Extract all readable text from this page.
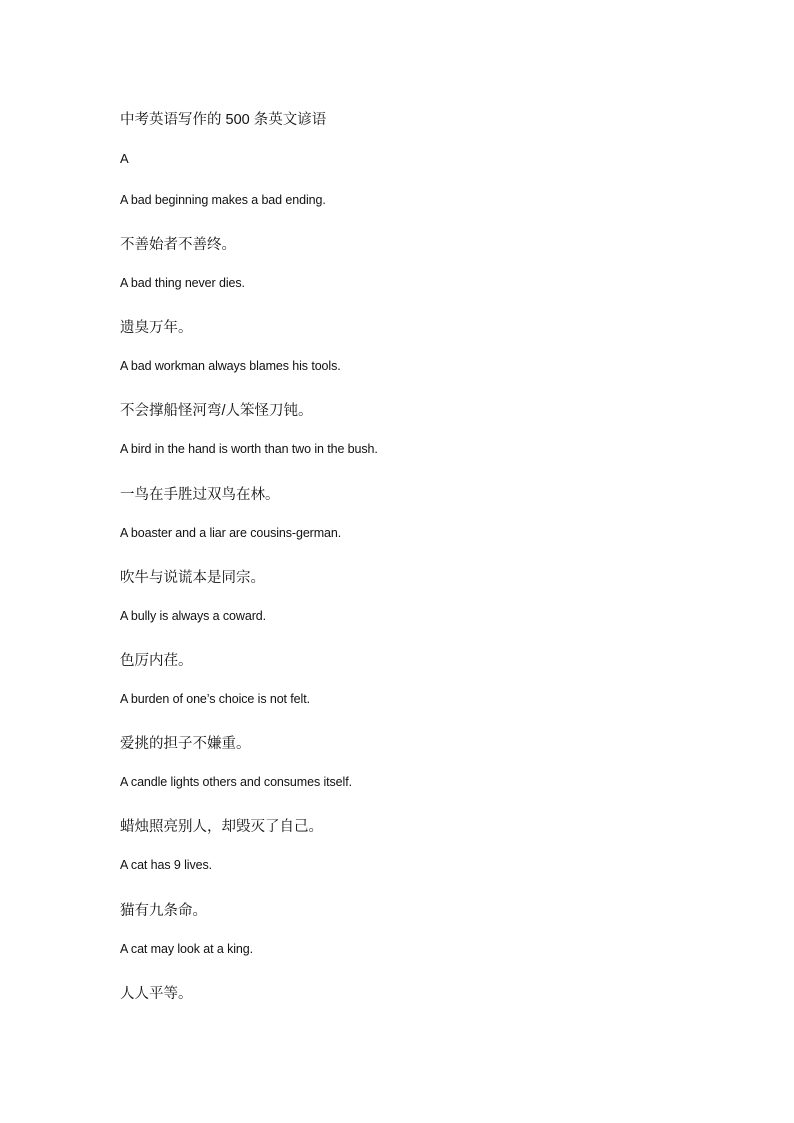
中考英语写作的 500 条英文谚语
A
A bad beginning makes a bad ending.
不善始者不善终。
A bad thing never dies.
遗臭万年。
A bad workman always blames his tools.
不会撑船怪河弯/人笨怪刀钝。
A bird in the hand is worth than two in the bush.
一鸟在手胜过双鸟在林。
A boaster and a liar are cousins-german.
吹牛与说谎本是同宗。
A bully is always a coward.
色厉内荏。
A burden of one’s choice is not felt.
爱挑的担子不嫌重。
A candle lights others and consumes itself.
蜡烛照亮别人，却毁灭了自己。
A cat has 9 lives.
猫有九条命。
A cat may look at a king.
人人平等。
